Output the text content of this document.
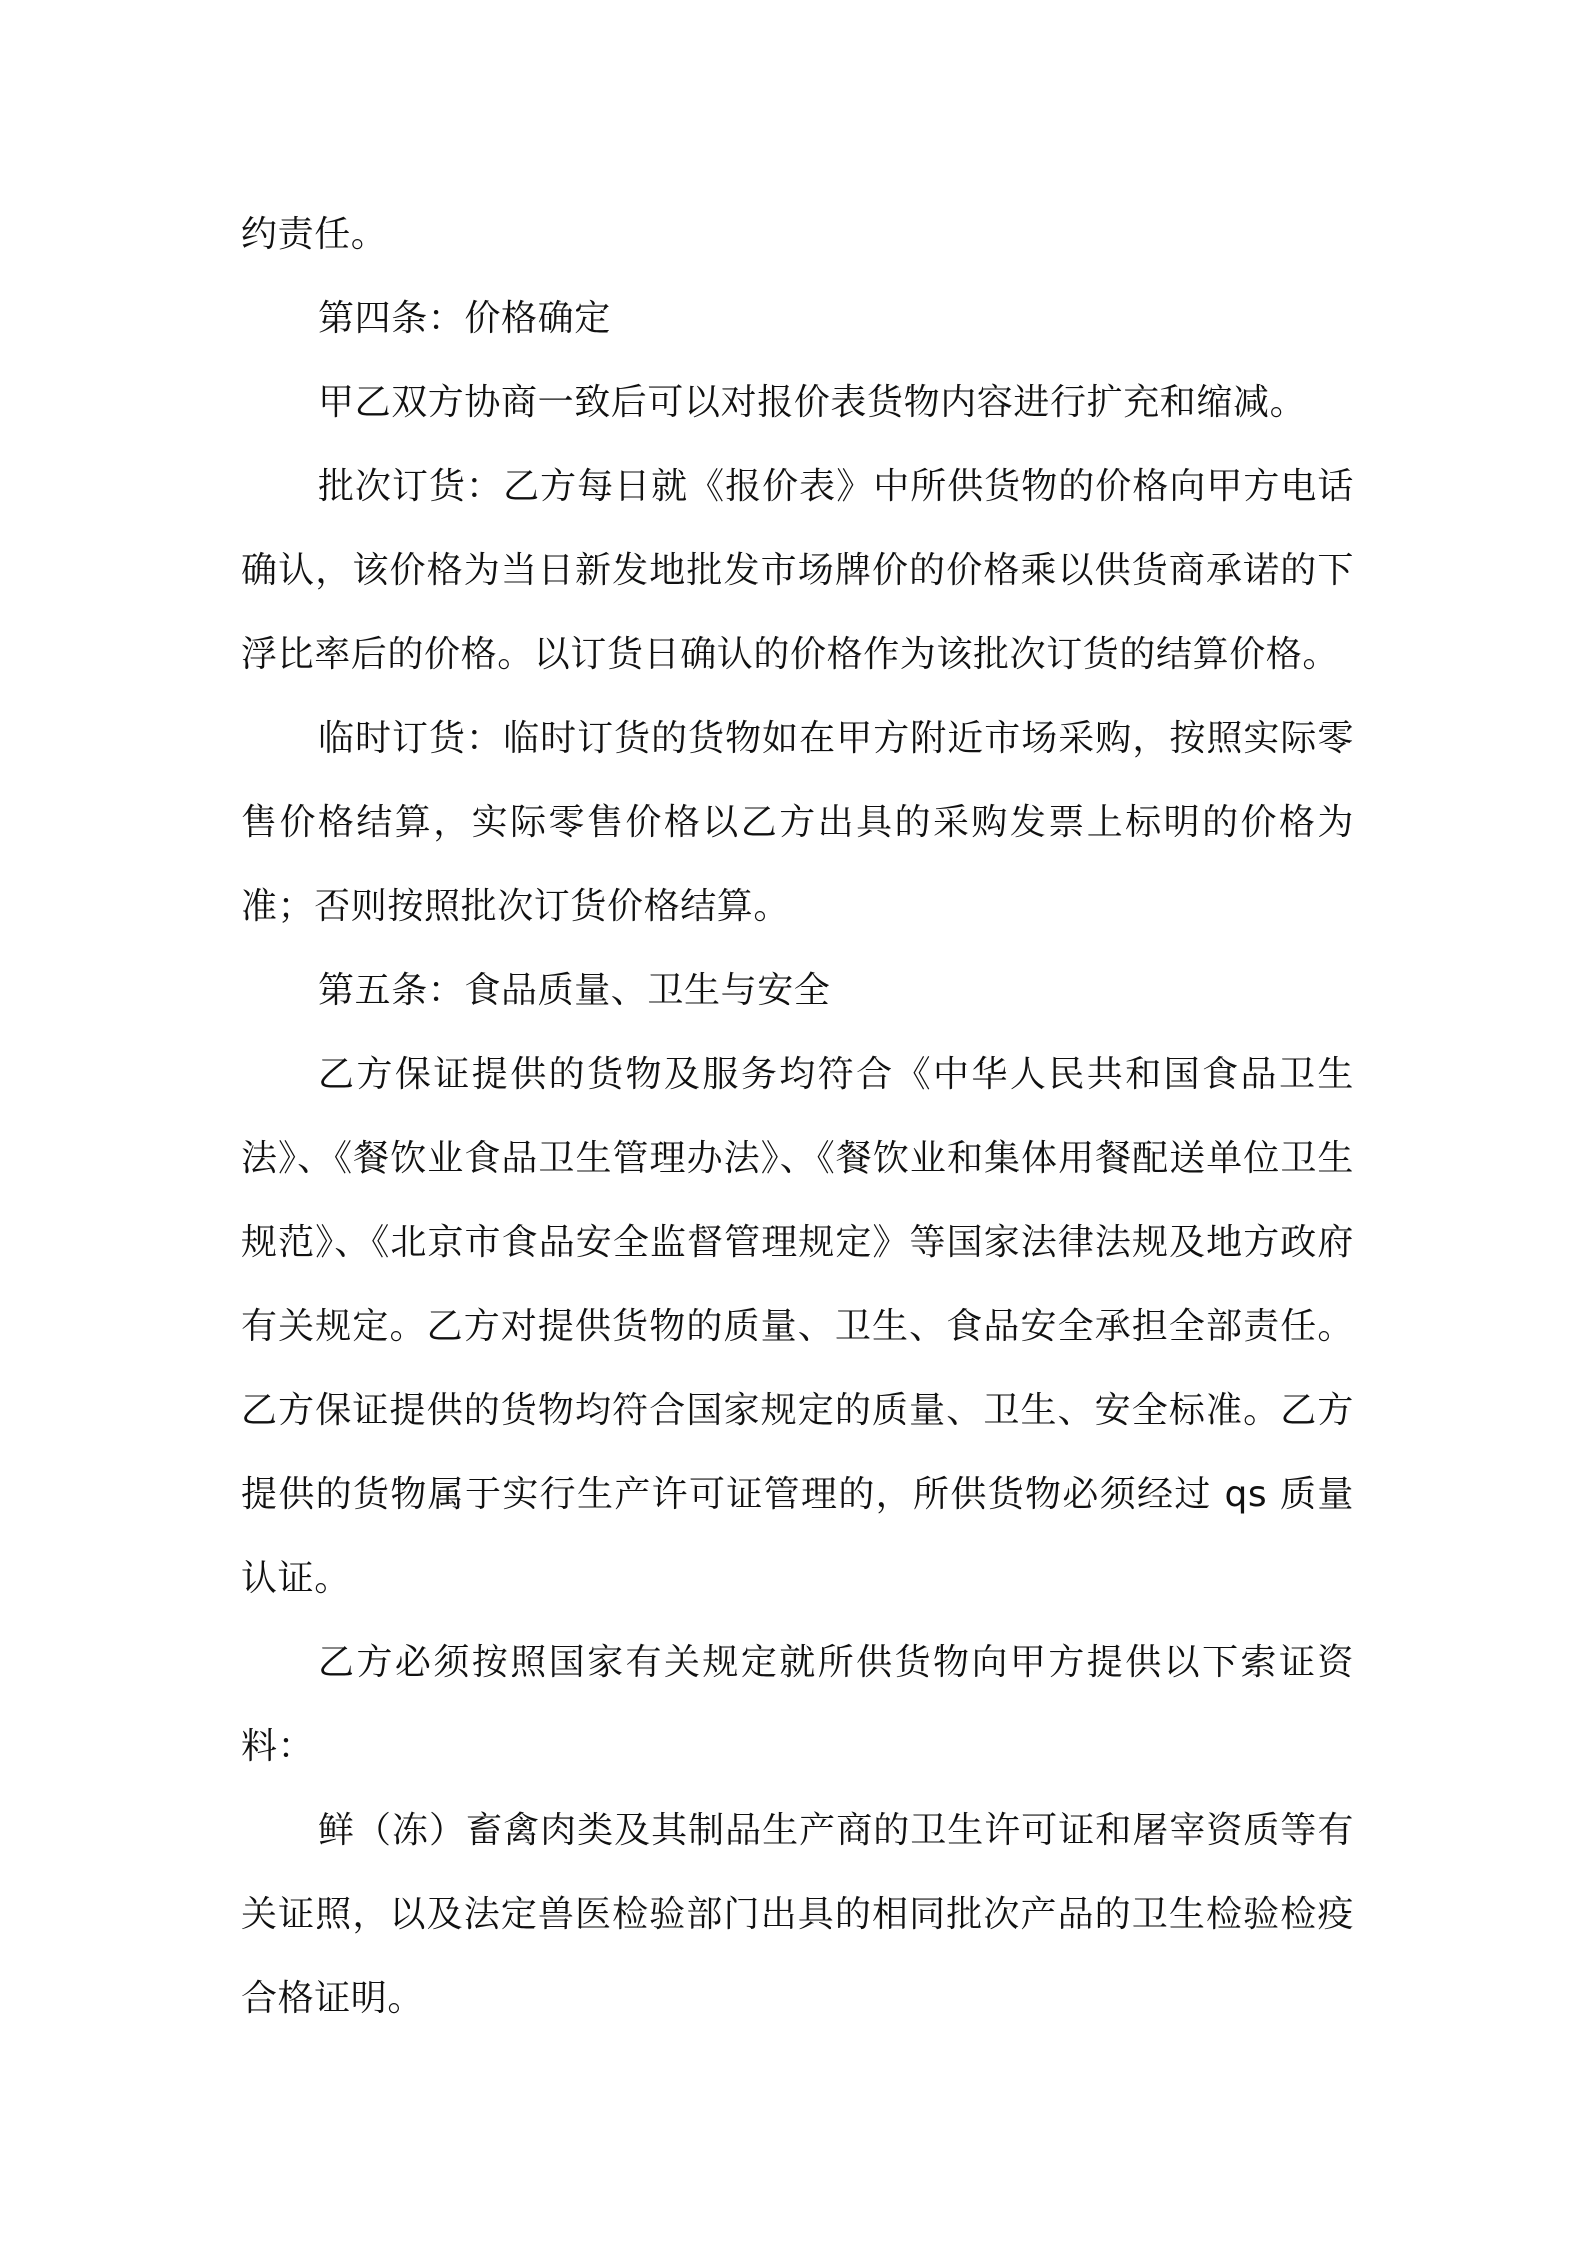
约责任。

第四条：价格确定

甲乙双方协商一致后可以对报价表货物内容进行扩充和缩减。

批次订货：乙方每日就《报价表》中所供货物的价格向甲方电话确认，该价格为当日新发地批发市场牌价的价格乘以供货商承诺的下浮比率后的价格。以订货日确认的价格作为该批次订货的结算价格。

临时订货：临时订货的货物如在甲方附近市场采购，按照实际零售价格结算，实际零售价格以乙方出具的采购发票上标明的价格为准；否则按照批次订货价格结算。

第五条：食品质量、卫生与安全

乙方保证提供的货物及服务均符合《中华人民共和国食品卫生法》、《餐饮业食品卫生管理办法》、《餐饮业和集体用餐配送单位卫生规范》、《北京市食品安全监督管理规定》等国家法律法规及地方政府有关规定。乙方对提供货物的质量、卫生、食品安全承担全部责任。乙方保证提供的货物均符合国家规定的质量、卫生、安全标准。乙方提供的货物属于实行生产许可证管理的，所供货物必须经过 qs 质量认证。

乙方必须按照国家有关规定就所供货物向甲方提供以下索证资料：

鲜（冻）畜禽肉类及其制品生产商的卫生许可证和屠宰资质等有关证照，以及法定兽医检验部门出具的相同批次产品的卫生检验检疫合格证明。
